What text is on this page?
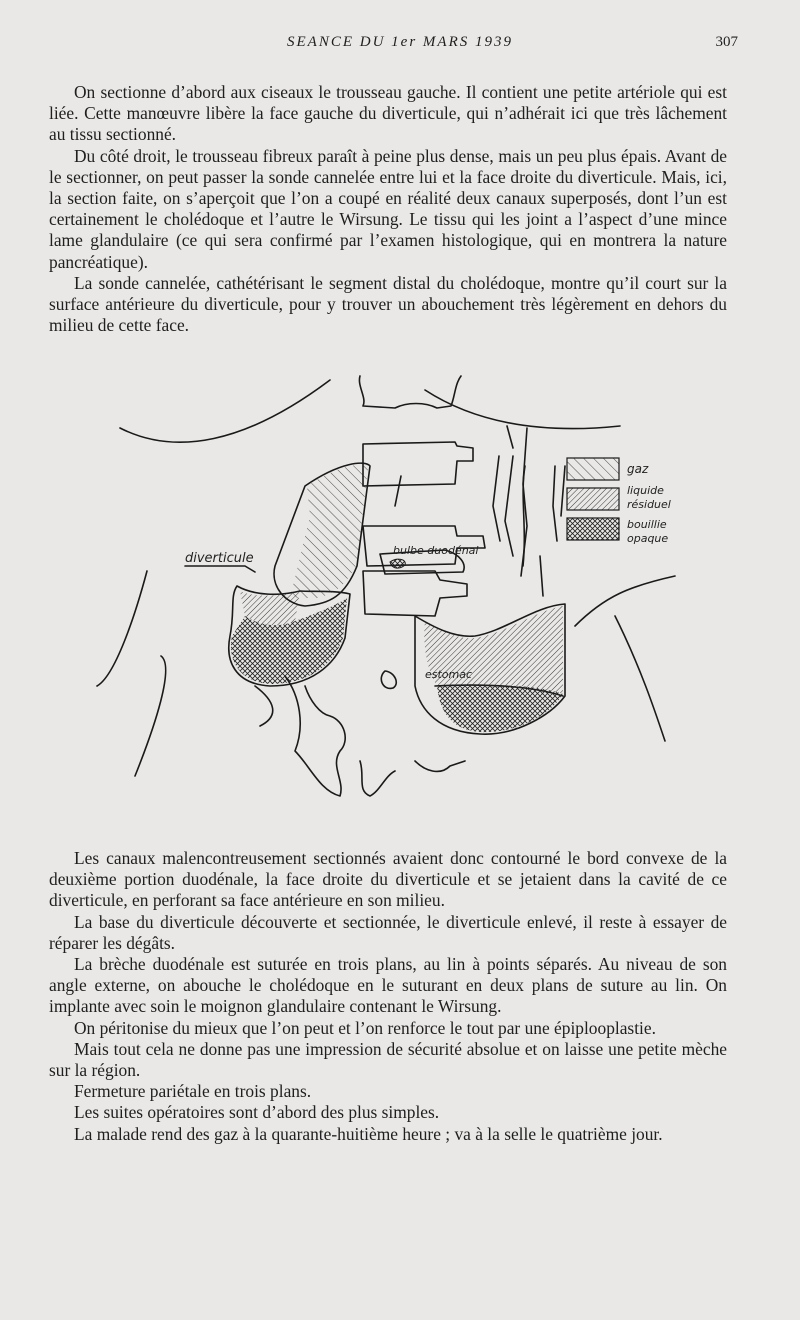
SEANCE DU 1er MARS 1939	307

On sectionne d’abord aux ciseaux le trousseau gauche. Il contient une petite artériole qui est liée. Cette manœuvre libère la face gauche du diverticule, qui n’adhérait ici que très lâchement au tissu sectionné.

Du côté droit, le trousseau fibreux paraît à peine plus dense, mais un peu plus épais. Avant de le sectionner, on peut passer la sonde cannelée entre lui et la face droite du diverticule. Mais, ici, la section faite, on s’aperçoit que l’on a coupé en réalité deux canaux superposés, dont l’un est certainement le cholédoque et l’autre le Wirsung. Le tissu qui les joint a l’aspect d’une mince lame glandulaire (ce qui sera confirmé par l’examen histologique, qui en montrera la nature pancréatique).

La sonde cannelée, cathétérisant le segment distal du cholédoque, montre qu’il court sur la surface antérieure du diverticule, pour y trouver un abouchement très légèrement en dehors du milieu de cette face.

diverticule
bulbe duodénal
estomac
gaz
liquide
résiduel
bouillie
opaque

Les canaux malencontreusement sectionnés avaient donc contourné le bord convexe de la deuxième portion duodénale, la face droite du diverticule et se jetaient dans la cavité de ce diverticule, en perforant sa face antérieure en son milieu.

La base du diverticule découverte et sectionnée, le diverticule enlevé, il reste à essayer de réparer les dégâts.

La brèche duodénale est suturée en trois plans, au lin à points séparés. Au niveau de son angle externe, on abouche le cholédoque en le suturant en deux plans de suture au lin. On implante avec soin le moignon glandulaire contenant le Wirsung.

On péritonise du mieux que l’on peut et l’on renforce le tout par une épiplooplastie.

Mais tout cela ne donne pas une impression de sécurité absolue et on laisse une petite mèche sur la région.

Fermeture pariétale en trois plans.

Les suites opératoires sont d’abord des plus simples.

La malade rend des gaz à la quarante-huitième heure ; va à la selle le quatrième jour.
